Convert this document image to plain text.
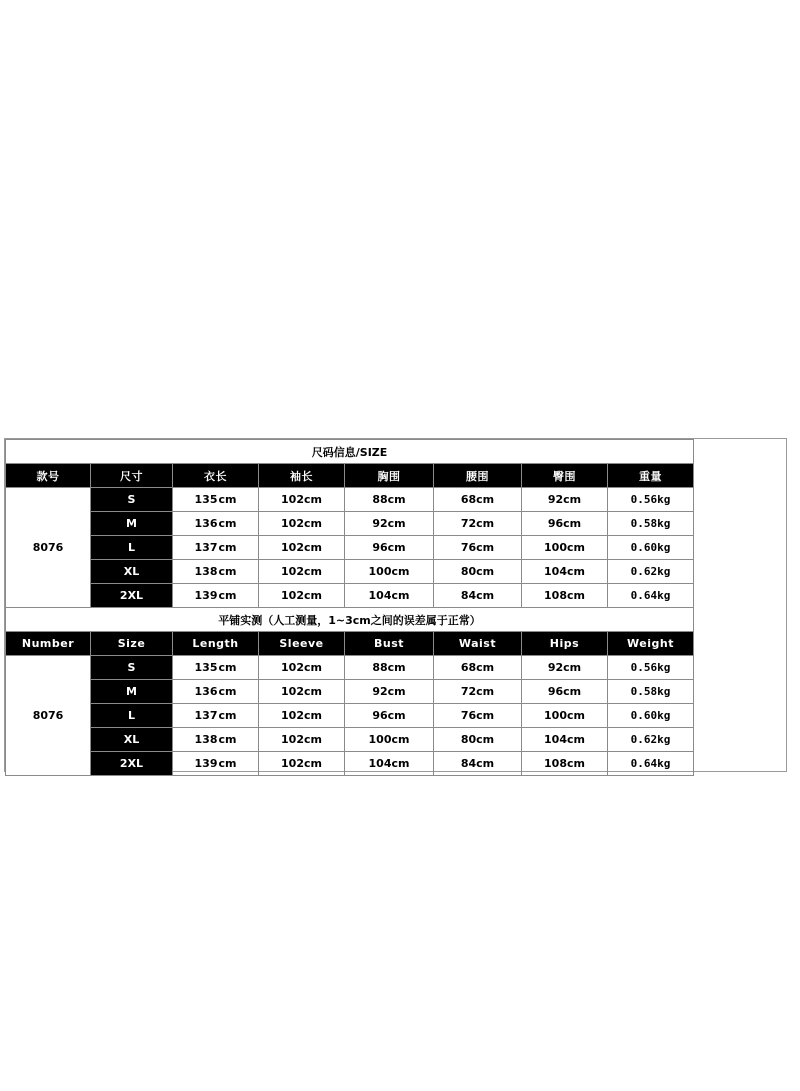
尺码信息/SIZE							
款号	尺寸	衣长	袖长	胸围	腰围	臀围	重量
8076	S	135cm	102cm	88cm	68cm	92cm	0.56kg
	M	136cm	102cm	92cm	72cm	96cm	0.58kg
	L	137cm	102cm	96cm	76cm	100cm	0.60kg
	XL	138cm	102cm	100cm	80cm	104cm	0.62kg
	2XL	139cm	102cm	104cm	84cm	108cm	0.64kg
平铺实测（人工测量，1~3cm之间的误差属于正常）							
Number	Size	Length	Sleeve	Bust	Waist	Hips	Weight
8076	S	135cm	102cm	88cm	68cm	92cm	0.56kg
	M	136cm	102cm	92cm	72cm	96cm	0.58kg
	L	137cm	102cm	96cm	76cm	100cm	0.60kg
	XL	138cm	102cm	100cm	80cm	104cm	0.62kg
	2XL	139cm	102cm	104cm	84cm	108cm	0.64kg
